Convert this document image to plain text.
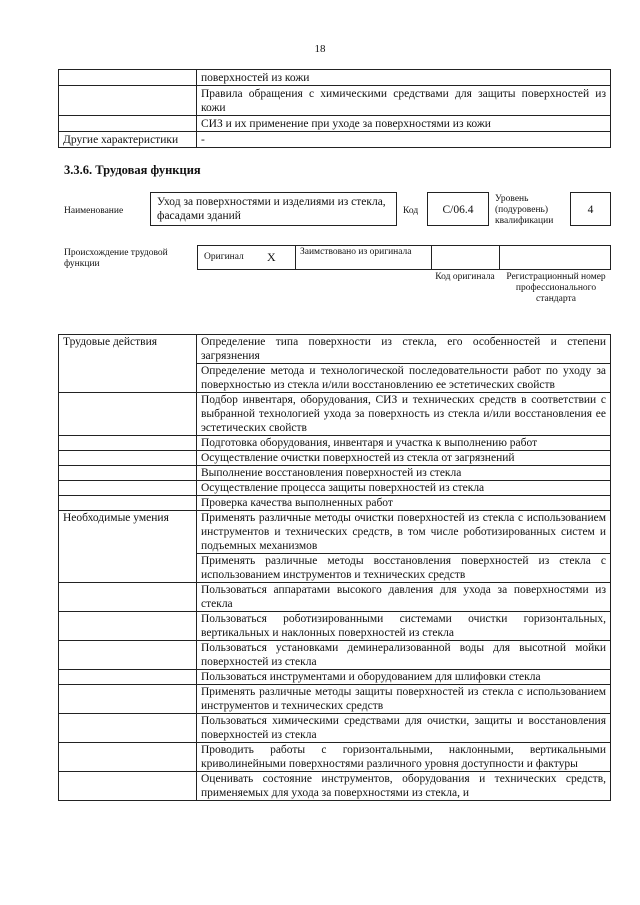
18
	поверхностей из кожи
	Правила обращения с химическими средствами для защиты поверхностей из кожи
	СИЗ и их применение при уходе за поверхностями из кожи
Другие характеристики	-
3.3.6. Трудовая функция
Наименование
Уход за поверхностями и изделиями из стекла, фасадами зданий	Код	С/06.4
Уровень (подуровень) квалификации
4
Происхождение трудовой функции
Оригинал X	Заимствовано из оригинала
Код оригинала	Регистрационный номер профессионального стандарта
Трудовые действия	Определение типа поверхности из стекла, его особенностей и степени загрязнения
	Определение метода и технологической последовательности работ по уходу за поверхностью из стекла и/или восстановлению ее эстетических свойств
	Подбор инвентаря, оборудования, СИЗ и технических средств в соответствии с выбранной технологией ухода за поверхность из стекла и/или восстановления ее эстетических свойств
	Подготовка оборудования, инвентаря и участка к выполнению работ
	Осуществление очистки поверхностей из стекла от загрязнений
	Выполнение восстановления поверхностей из стекла
	Осуществление процесса защиты поверхностей из стекла
	Проверка качества выполненных работ
Необходимые умения	Применять различные методы очистки поверхностей из стекла с использованием инструментов и технических средств, в том числе роботизированных систем и подъемных механизмов
	Применять различные методы восстановления поверхностей из стекла с использованием инструментов и технических средств
	Пользоваться аппаратами высокого давления для ухода за поверхностями из стекла
	Пользоваться роботизированными системами очистки горизонтальных, вертикальных и наклонных поверхностей из стекла
	Пользоваться установками деминерализованной воды для высотной мойки поверхностей из стекла
	Пользоваться инструментами и оборудованием для шлифовки стекла
	Применять различные методы защиты поверхностей из стекла с использованием инструментов и технических средств
	Пользоваться химическими средствами для очистки, защиты и восстановления поверхностей из стекла
	Проводить работы с горизонтальными, наклонными, вертикальными криволинейными поверхностями различного уровня доступности и фактуры
	Оценивать состояние инструментов, оборудования и технических средств, применяемых для ухода за поверхностями из стекла, и
